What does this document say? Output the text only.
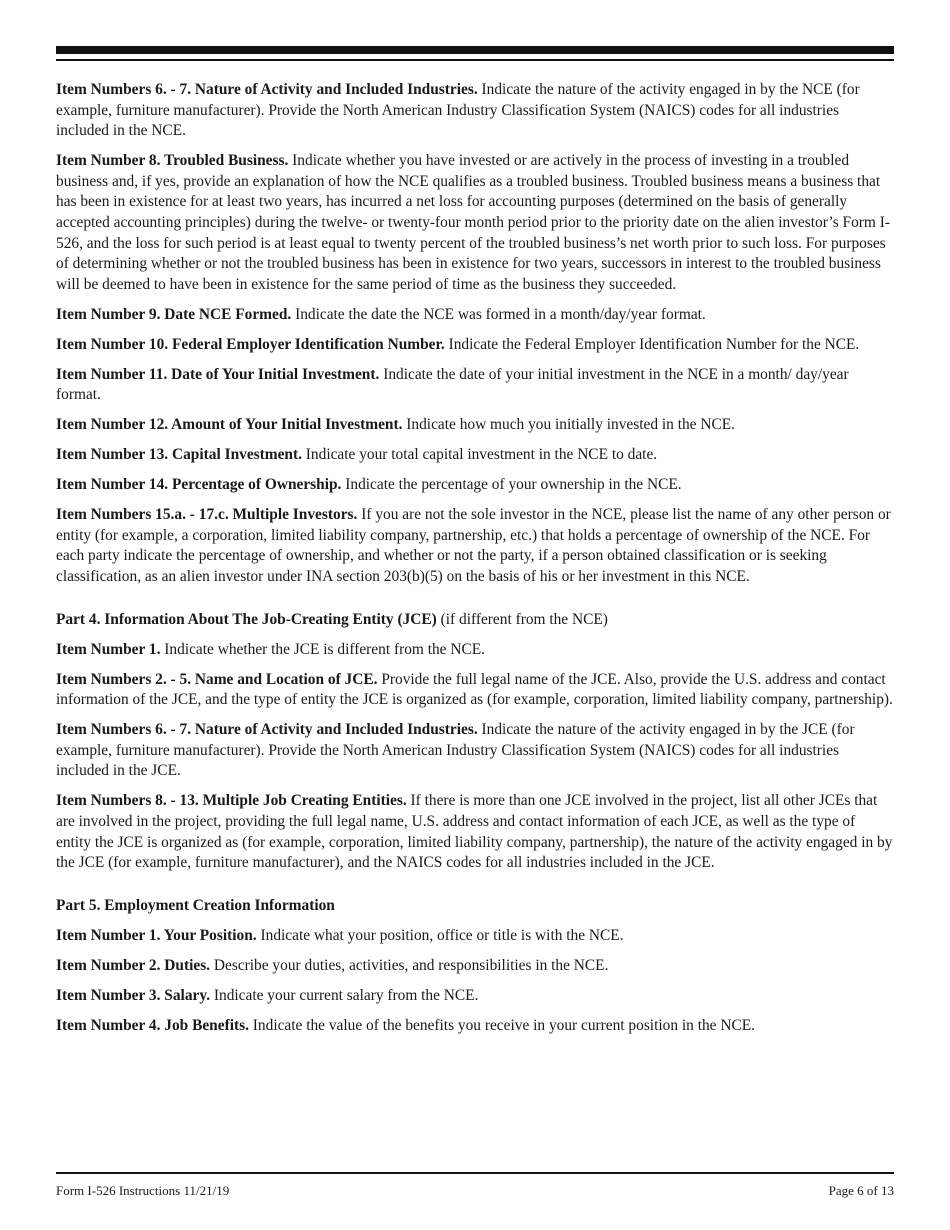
Item Numbers 6. - 7. Nature of Activity and Included Industries. Indicate the nature of the activity engaged in by the NCE (for example, furniture manufacturer). Provide the North American Industry Classification System (NAICS) codes for all industries included in the NCE.

Item Number 8. Troubled Business. Indicate whether you have invested or are actively in the process of investing in a troubled business and, if yes, provide an explanation of how the NCE qualifies as a troubled business. Troubled business means a business that has been in existence for at least two years, has incurred a net loss for accounting purposes (determined on the basis of generally accepted accounting principles) during the twelve- or twenty-four month period prior to the priority date on the alien investor’s Form I-526, and the loss for such period is at least equal to twenty percent of the troubled business’s net worth prior to such loss. For purposes of determining whether or not the troubled business has been in existence for two years, successors in interest to the troubled business will be deemed to have been in existence for the same period of time as the business they succeeded.

Item Number 9. Date NCE Formed. Indicate the date the NCE was formed in a month/day/year format.

Item Number 10. Federal Employer Identification Number. Indicate the Federal Employer Identification Number for the NCE.

Item Number 11. Date of Your Initial Investment. Indicate the date of your initial investment in the NCE in a month/ day/year format.

Item Number 12. Amount of Your Initial Investment. Indicate how much you initially invested in the NCE.

Item Number 13. Capital Investment. Indicate your total capital investment in the NCE to date.

Item Number 14. Percentage of Ownership. Indicate the percentage of your ownership in the NCE.

Item Numbers 15.a. - 17.c. Multiple Investors. If you are not the sole investor in the NCE, please list the name of any other person or entity (for example, a corporation, limited liability company, partnership, etc.) that holds a percentage of ownership of the NCE. For each party indicate the percentage of ownership, and whether or not the party, if a person obtained classification or is seeking classification, as an alien investor under INA section 203(b)(5) on the basis of his or her investment in this NCE.

Part 4. Information About The Job-Creating Entity (JCE) (if different from the NCE)

Item Number 1. Indicate whether the JCE is different from the NCE.

Item Numbers 2. - 5. Name and Location of JCE. Provide the full legal name of the JCE. Also, provide the U.S. address and contact information of the JCE, and the type of entity the JCE is organized as (for example, corporation, limited liability company, partnership).

Item Numbers 6. - 7. Nature of Activity and Included Industries. Indicate the nature of the activity engaged in by the JCE (for example, furniture manufacturer). Provide the North American Industry Classification System (NAICS) codes for all industries included in the JCE.

Item Numbers 8. - 13. Multiple Job Creating Entities. If there is more than one JCE involved in the project, list all other JCEs that are involved in the project, providing the full legal name, U.S. address and contact information of each JCE, as well as the type of entity the JCE is organized as (for example, corporation, limited liability company, partnership), the nature of the activity engaged in by the JCE (for example, furniture manufacturer), and the NAICS codes for all industries included in the JCE.

Part 5. Employment Creation Information

Item Number 1. Your Position. Indicate what your position, office or title is with the NCE.

Item Number 2. Duties. Describe your duties, activities, and responsibilities in the NCE.

Item Number 3. Salary. Indicate your current salary from the NCE.

Item Number 4. Job Benefits. Indicate the value of the benefits you receive in your current position in the NCE.

Form I-526 Instructions 11/21/19	Page 6 of 13
